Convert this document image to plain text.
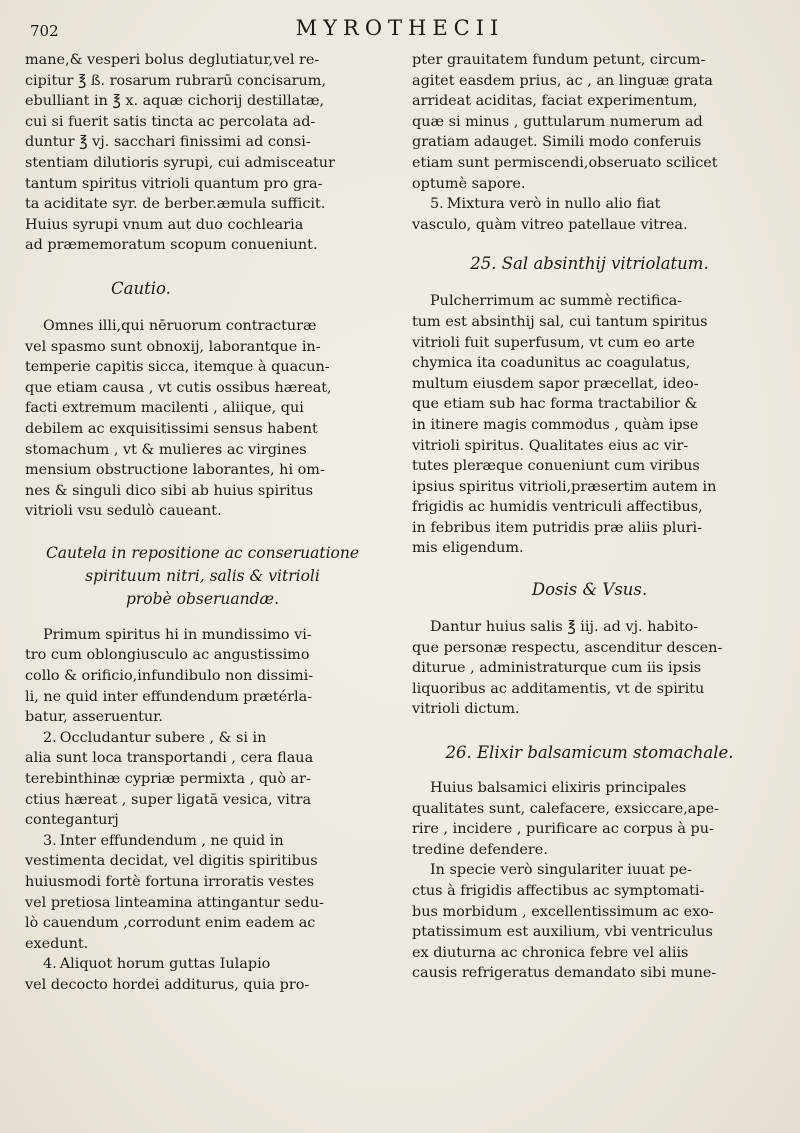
702	MYROTHECII

mane,& vesperi bolus deglutiatur,vel re-

cipitur ℥ ß. rosarum rubrarū concisarum,

ebulliant in ℥ x. aquæ cichorij destillatæ,

cui si fuerit satis tincta ac percolata ad-

duntur ℥ vj. sacchari finissimi ad consi-

stentiam dilutioris syrupi, cui admisceatur

tantum spiritus vitrioli quantum pro gra-

ta aciditate syr. de berber.æmula sufficit.

Huius syrupi vnum aut duo cochlearia

ad præmemoratum scopum conueniunt.

Cautio.

Omnes illi,qui nēruorum contracturæ

vel spasmo sunt obnoxij, laborantque in-

temperie capitis sicca, itemque à quacun-

que etiam causa , vt cutis ossibus hæreat,

facti extremum macilenti , aliique, qui

debilem ac exquisitissimi sensus habent

stomachum , vt & mulieres ac virgines

mensium obstructione laborantes, hi om-

nes & singuli dico sibi ab huius spiritus

vitrioli vsu sedulò caueant.

Cautela in repositione ac conseruatione

spirituum nitri, salis & vitrioli

probè obseruandæ.

Primum spiritus hi in mundissimo vi-

tro cum oblongiusculo ac angustissimo

collo & orificio,infundibulo non dissimi-

li, ne quid inter effundendum prætérla-

batur, asseruentur.

2. Occludantur subere , & si in

alia sunt loca transportandi , cera flaua

terebinthinæ cypriæ permixta , quò ar-

ctius hæreat , super ligatā vesica, vitra

conteganturj

3. Inter effundendum , ne quid in

vestimenta decidat, vel digitis spiritibus

huiusmodi fortè fortuna irroratis vestes

vel pretiosa linteamina attingantur sedu-

lò cauendum ,corrodunt enim eadem ac

exedunt.

4. Aliquot horum guttas Iulapio

vel decocto hordei additurus, quia pro-

pter grauitatem fundum petunt, circum-

agitet easdem prius, ac , an linguæ grata

arrideat aciditas, faciat experimentum,

quæ si minus , guttularum numerum ad

gratiam adauget. Simili modo conferuis

etiam sunt permiscendi,obseruato scilicet

optumè sapore.

5. Mixtura verò in nullo alio fiat

vasculo, quàm vitreo patellaue vitrea.

25. Sal absinthij vitriolatum.

Pulcherrimum ac summè rectifica-

tum est absinthij sal, cui tantum spiritus

vitrioli fuit superfusum, vt cum eo arte

chymica ita coadunitus ac coagulatus,

multum eiusdem sapor præcellat, ideo-

que etiam sub hac forma tractabilior &

in itinere magis commodus , quàm ipse

vitrioli spiritus. Qualitates eius ac vir-

tutes pleræque conueniunt cum viribus

ipsius spiritus vitrioli,præsertim autem in

frigidis ac humidis ventriculi affectibus,

in febribus item putridis præ aliis pluri-

mis eligendum.

Dosis & Vsus.

Dantur huius salis ℥ iij. ad vj. habito-

que personæ respectu, ascenditur descen-

diturue , administraturque cum iis ipsis

liquoribus ac additamentis, vt de spiritu

vitrioli dictum.

26. Elixir balsamicum stomachale.

Huius balsamici elixiris principales

qualitates sunt, calefacere, exsiccare,ape-

rire , incidere , purificare ac corpus à pu-

tredine defendere.

In specie verò singulariter iuuat pe-

ctus à frigidis affectibus ac symptomati-

bus morbidum , excellentissimum ac exo-

ptatissimum est auxilium, vbi ventriculus

ex diuturna ac chronica febre vel aliis

causis refrigeratus demandato sibi mune-
